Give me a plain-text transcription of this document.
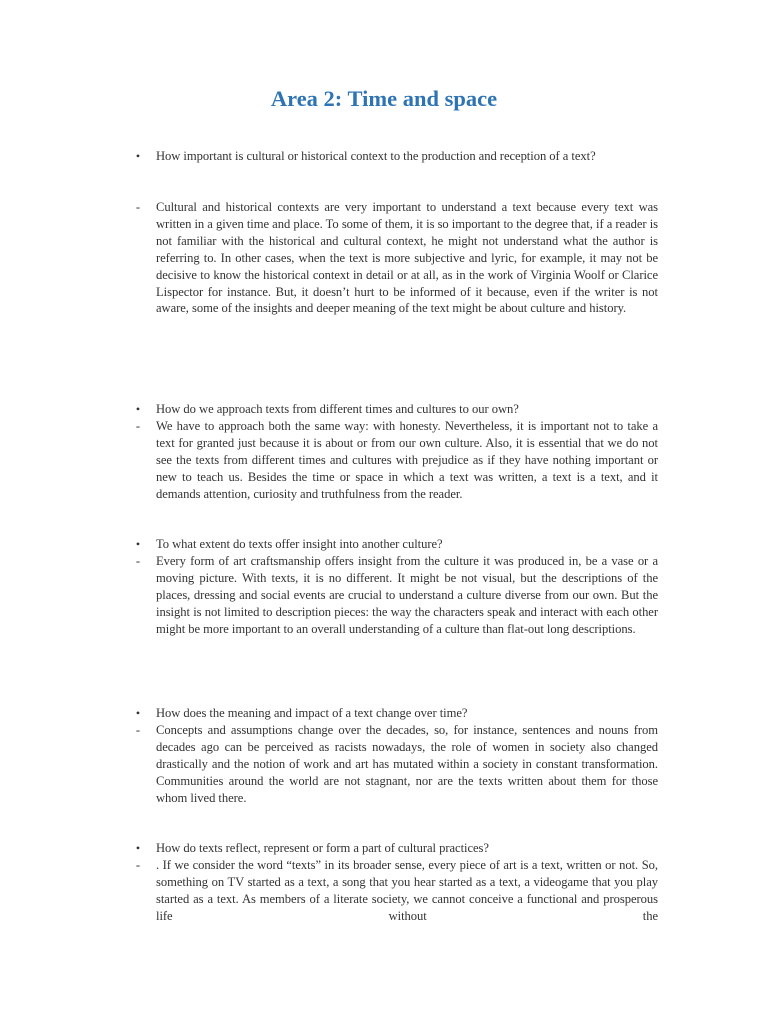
Area 2: Time and space
•	How important is cultural or historical context to the production and reception of a text?
-	Cultural and historical contexts are very important to understand a text because every text was written in a given time and place. To some of them, it is so important to the degree that, if a reader is not familiar with the historical and cultural context, he might not understand what the author is referring to. In other cases, when the text is more subjective and lyric, for example, it may not be decisive to know the historical context in detail or at all, as in the work of Virginia Woolf or Clarice Lispector for instance. But, it doesn’t hurt to be informed of it because, even if the writer is not aware, some of the insights and deeper meaning of the text might be about culture and history.
•	How do we approach texts from different times and cultures to our own?
-	We have to approach both the same way: with honesty. Nevertheless, it is important not to take a text for granted just because it is about or from our own culture. Also, it is essential that we do not see the texts from different times and cultures with prejudice as if they have nothing important or new to teach us. Besides the time or space in which a text was written, a text is a text, and it demands attention, curiosity and truthfulness from the reader.
•	To what extent do texts offer insight into another culture?
-	Every form of art craftsmanship offers insight from the culture it was produced in, be a vase or a moving picture. With texts, it is no different. It might be not visual, but the descriptions of the places, dressing and social events are crucial to understand a culture diverse from our own. But the insight is not limited to description pieces: the way the characters speak and interact with each other might be more important to an overall understanding of a culture than flat-out long descriptions.
•	How does the meaning and impact of a text change over time?
-	Concepts and assumptions change over the decades, so, for instance, sentences and nouns from decades ago can be perceived as racists nowadays, the role of women in society also changed drastically and the notion of work and art has mutated within a society in constant transformation. Communities around the world are not stagnant, nor are the texts written about them for those whom lived there.
•	How do texts reflect, represent or form a part of cultural practices?
-	. If we consider the word “texts” in its broader sense, every piece of art is a text, written or not. So, something on TV started as a text, a song that you hear started as a text, a videogame that you play started as a text. As members of a literate society, we cannot conceive a functional and prosperous life without the
